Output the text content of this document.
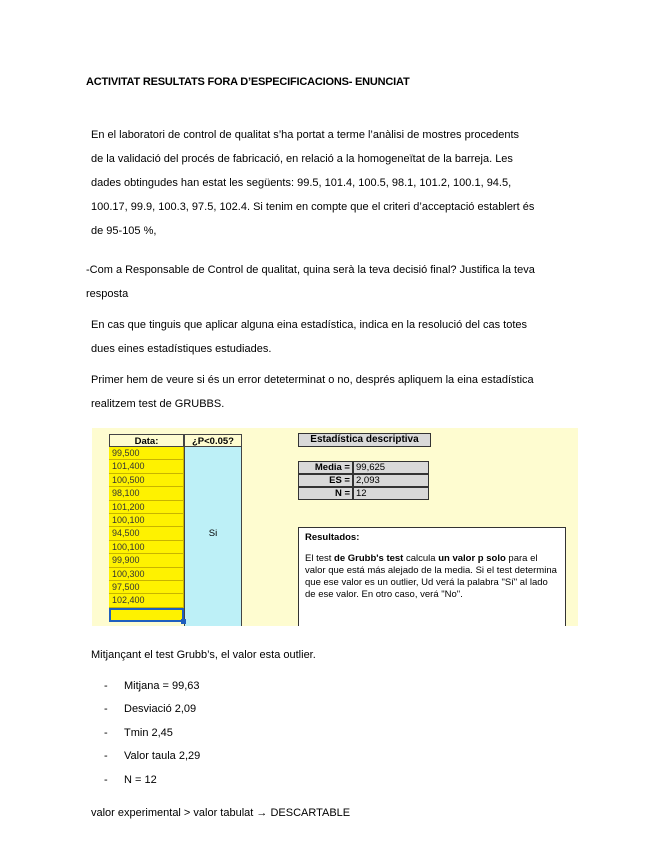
ACTIVITAT RESULTATS FORA D’ESPECIFICACIONS- ENUNCIAT
En el laboratori de control de qualitat s’ha portat a terme l’anàlisi de mostres procedents
de la validació del procés de fabricació, en relació a la homogeneïtat de la barreja. Les
dades obtingudes han estat les següents: 99.5, 101.4, 100.5, 98.1, 101.2, 100.1, 94.5,
100.17, 99.9, 100.3, 97.5, 102.4. Si tenim en compte que el criteri d’acceptació establert és
de 95-105 %,
-Com a Responsable de Control de qualitat, quina serà la teva decisió final? Justifica la teva
resposta
En cas que tinguis que aplicar alguna eina estadística, indica en la resolució del cas totes
dues eines estadístiques estudiades.
Primer hem de veure si és un error deteterminat o no, després apliquem la eina estadística
realitzem test de GRUBBS.
Data:	¿P<0.05?
99,500
101,400
100,500
98,100
101,200
100,100
94,500
100,100
99,900
100,300
97,500
102,400
Si
Estadística descriptiva
Media = 99,625
ES = 2,093
N = 12
Resultados:
El test de Grubb's test calcula un valor p solo para el valor que está más alejado de la media. Si el test determina que ese valor es un outlier, Ud verá la palabra "Sí" al lado de ese valor. En otro caso, verá "No".
Mitjançant el test Grubb’s, el valor esta outlier.
- Mitjana = 99,63
- Desviació 2,09
- Tmin 2,45
- Valor taula 2,29
- N = 12
valor experimental > valor tabulat → DESCARTABLE
